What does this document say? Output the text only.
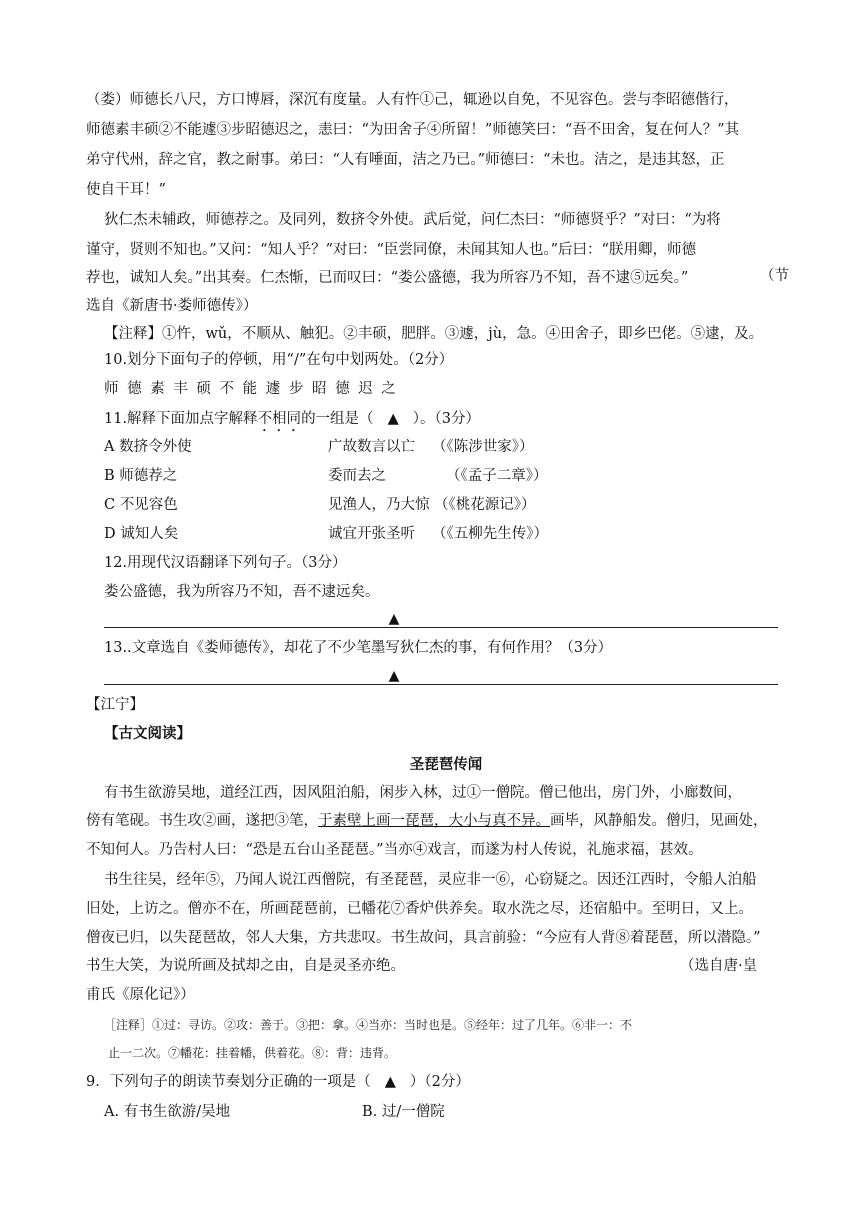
（娄）师德长八尺，方口博唇，深沉有度量。人有忤①己，辄逊以自免，不见容色。尝与李昭德偕行，
师德素丰硕②不能遽③步昭德迟之，恚曰：“为田舍子④所留！”师德笑曰：“吾不田舍，复在何人？”其
弟守代州，辞之官，教之耐事。弟曰：“人有唾面，洁之乃已。”师德曰：“未也。洁之，是违其怒，正
使自干耳！”
狄仁杰未辅政，师德荐之。及同列，数挤令外使。武后觉，问仁杰曰：“师德贤乎？”对曰：“为将
谨守，贤则不知也。”又问：“知人乎？”对曰：“臣尝同僚，未闻其知人也。”后曰：“朕用卿，师德
荐也，诚知人矣。”出其奏。仁杰惭，已而叹曰：“娄公盛德，我为所容乃不知，吾不逮⑤远矣。”	（节
选自《新唐书·娄师德传》）
【注释】①忤，wǔ，不顺从、触犯。②丰硕，肥胖。③遽，jù，急。④田舍子，即乡巴佬。⑤逮，及。
10.划分下面句子的停顿，用“/”在句中划两处。（2分）
师 德 素 丰 硕 不 能 遽 步 昭 德 迟 之
11.解释下面加点字解释不相同的一组是（ ▲ ）。（3分）
A 数挤令外使	广故数言以亡 （《陈涉世家》）
B 师德荐之	委而去之	（《孟子二章》）
C 不见容色	见渔人，乃大惊 （《桃花源记》）
D 诚知人矣	诚宜开张圣听 （《五柳先生传》）
12.用现代汉语翻译下列句子。（3分）
娄公盛德，我为所容乃不知，吾不逮远矣。
▲
13..文章选自《娄师德传》，却花了不少笔墨写狄仁杰的事，有何作用？（3分）
▲
【江宁】
【古文阅读】
圣琵琶传闻
有书生欲游吴地，道经江西，因风阻泊船，闲步入林，过①一僧院。僧已他出，房门外，小廊数间，
傍有笔砚。书生攻②画，遂把③笔，于素壁上画一琵琶，大小与真不异。画毕，风静船发。僧归，见画处，
不知何人。乃告村人曰：“恐是五台山圣琵琶。”当亦④戏言，而遂为村人传说，礼施求福，甚效。
书生往吴，经年⑤，乃闻人说江西僧院，有圣琵琶，灵应非一⑥，心窃疑之。因还江西时，令船人泊船
旧处，上访之。僧亦不在，所画琵琶前，已幡花⑦香炉供养矣。取水洗之尽，还宿船中。至明日，又上。
僧夜已归，以失琵琶故，邻人大集，方共悲叹。书生故问，具言前验：“今应有人背⑧着琵琶，所以潜隐。”
书生大笑，为说所画及拭却之由，自是灵圣亦绝。	（选自唐·皇
甫氏《原化记》）
［注释］①过：寻访。②攻：善于。③把：拿。④当亦：当时也是。⑤经年：过了几年。⑥非一：不
止一二次。⑦幡花：挂着幡，供着花。⑧：背：违背。
9．下列句子的朗读节奏划分正确的一项是（ ▲ ）（2分）
A. 有书生欲游/吴地	B. 过/一僧院
